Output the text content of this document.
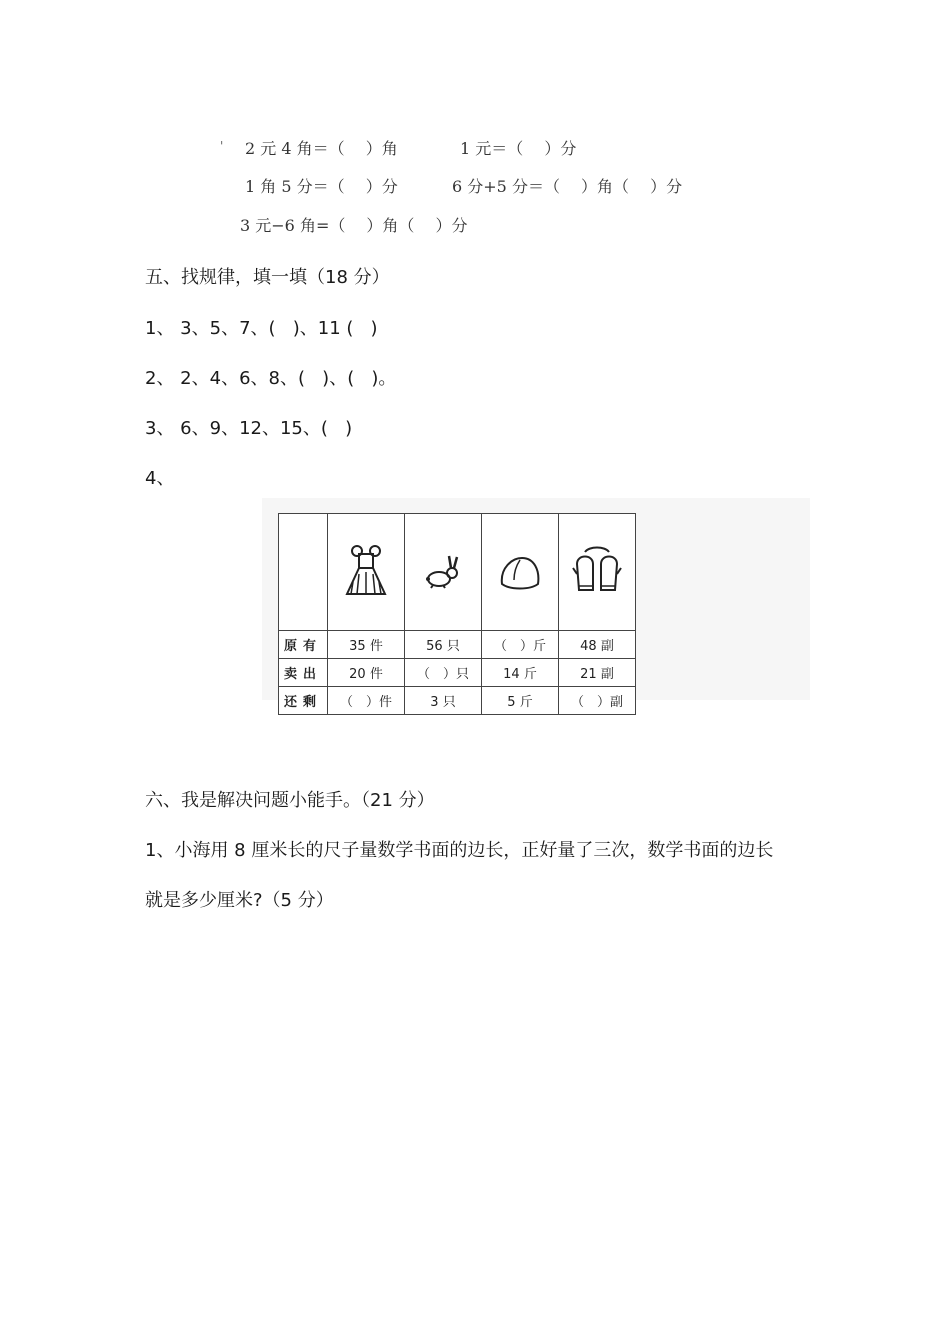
' 2 元 4 角＝（　 ）角	1 元＝（　 ）分
1 角 5 分＝（　 ）分	6 分+5 分＝（　 ）角（　 ）分
3 元−6 角=（　 ）角（　 ）分
五、找规律，填一填（18 分）
1、 3、5、7、(   )、11 (   )
2、 2、4、6、8、(   )、(   )。
3、 6、9、12、15、(   )
4、

原有	35 件	56 只	（　）斤	48 副
卖出	20 件	（　）只	14 斤	21 副
还剩	（　）件	3 只	5 斤	（　）副
六、我是解决问题小能手。（21 分）
1、小海用 8 厘米长的尺子量数学书面的边长，正好量了三次，数学书面的边长
就是多少厘米?（5 分）
